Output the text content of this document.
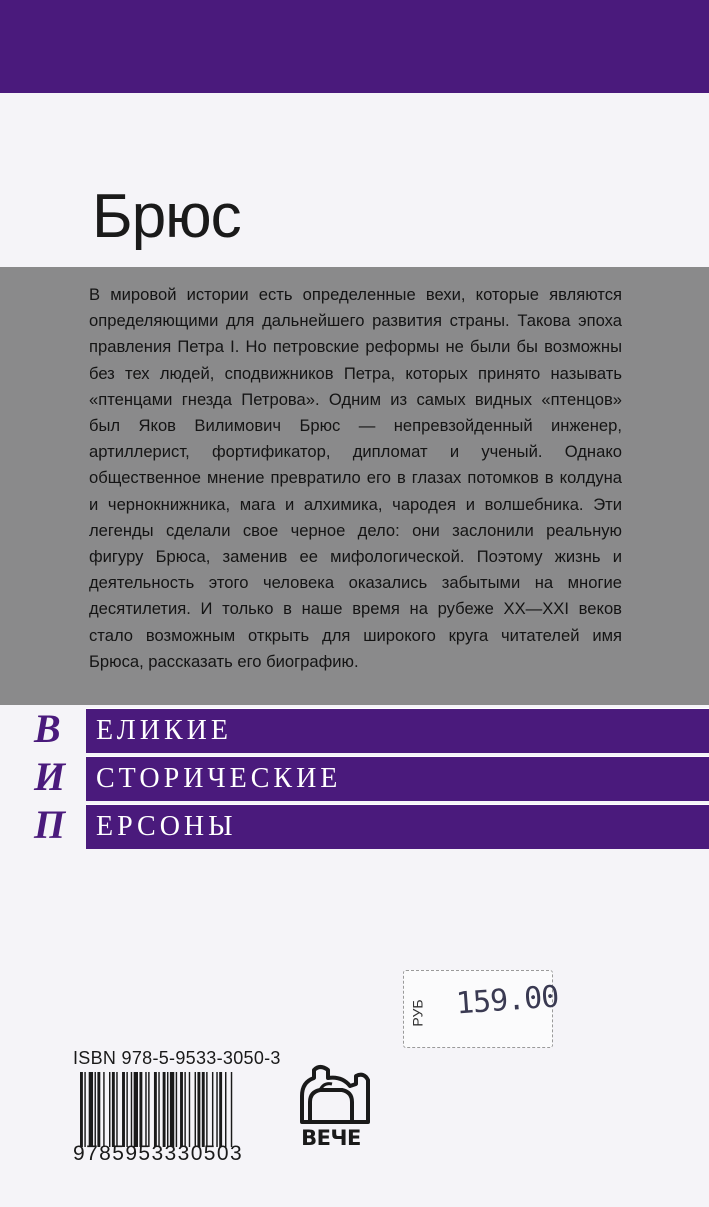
Брюс

В мировой истории есть определенные вехи, которые являются определяющими для дальнейшего развития страны. Такова эпоха правления Петра I. Но петровские реформы не были бы возможны без тех людей, сподвижников Петра, которых принято называть «птенцами гнезда Петрова». Одним из самых видных «птенцов» был Яков Вилимович Брюс — непревзойденный инженер, артиллерист, фортификатор, дипломат и ученый. Однако общественное мнение превратило его в глазах потомков в колдуна и чернокнижника, мага и алхимика, чародея и волшебника. Эти легенды сделали свое черное дело: они заслонили реальную фигуру Брюса, заменив ее мифологической. Поэтому жизнь и деятельность этого человека оказались забытыми на многие десятилетия. И только в наше время на рубеже XX—XXI веков стало возможным открыть для широкого круга читателей имя Брюса, рассказать его биографию.

В	ЕЛИКИЕ
И	СТОРИЧЕСКИЕ
П	ЕРСОНЫ
РУБ 159.00
ISBN 978-5-9533-3050-3
9785953330503
ВЕЧЕ
